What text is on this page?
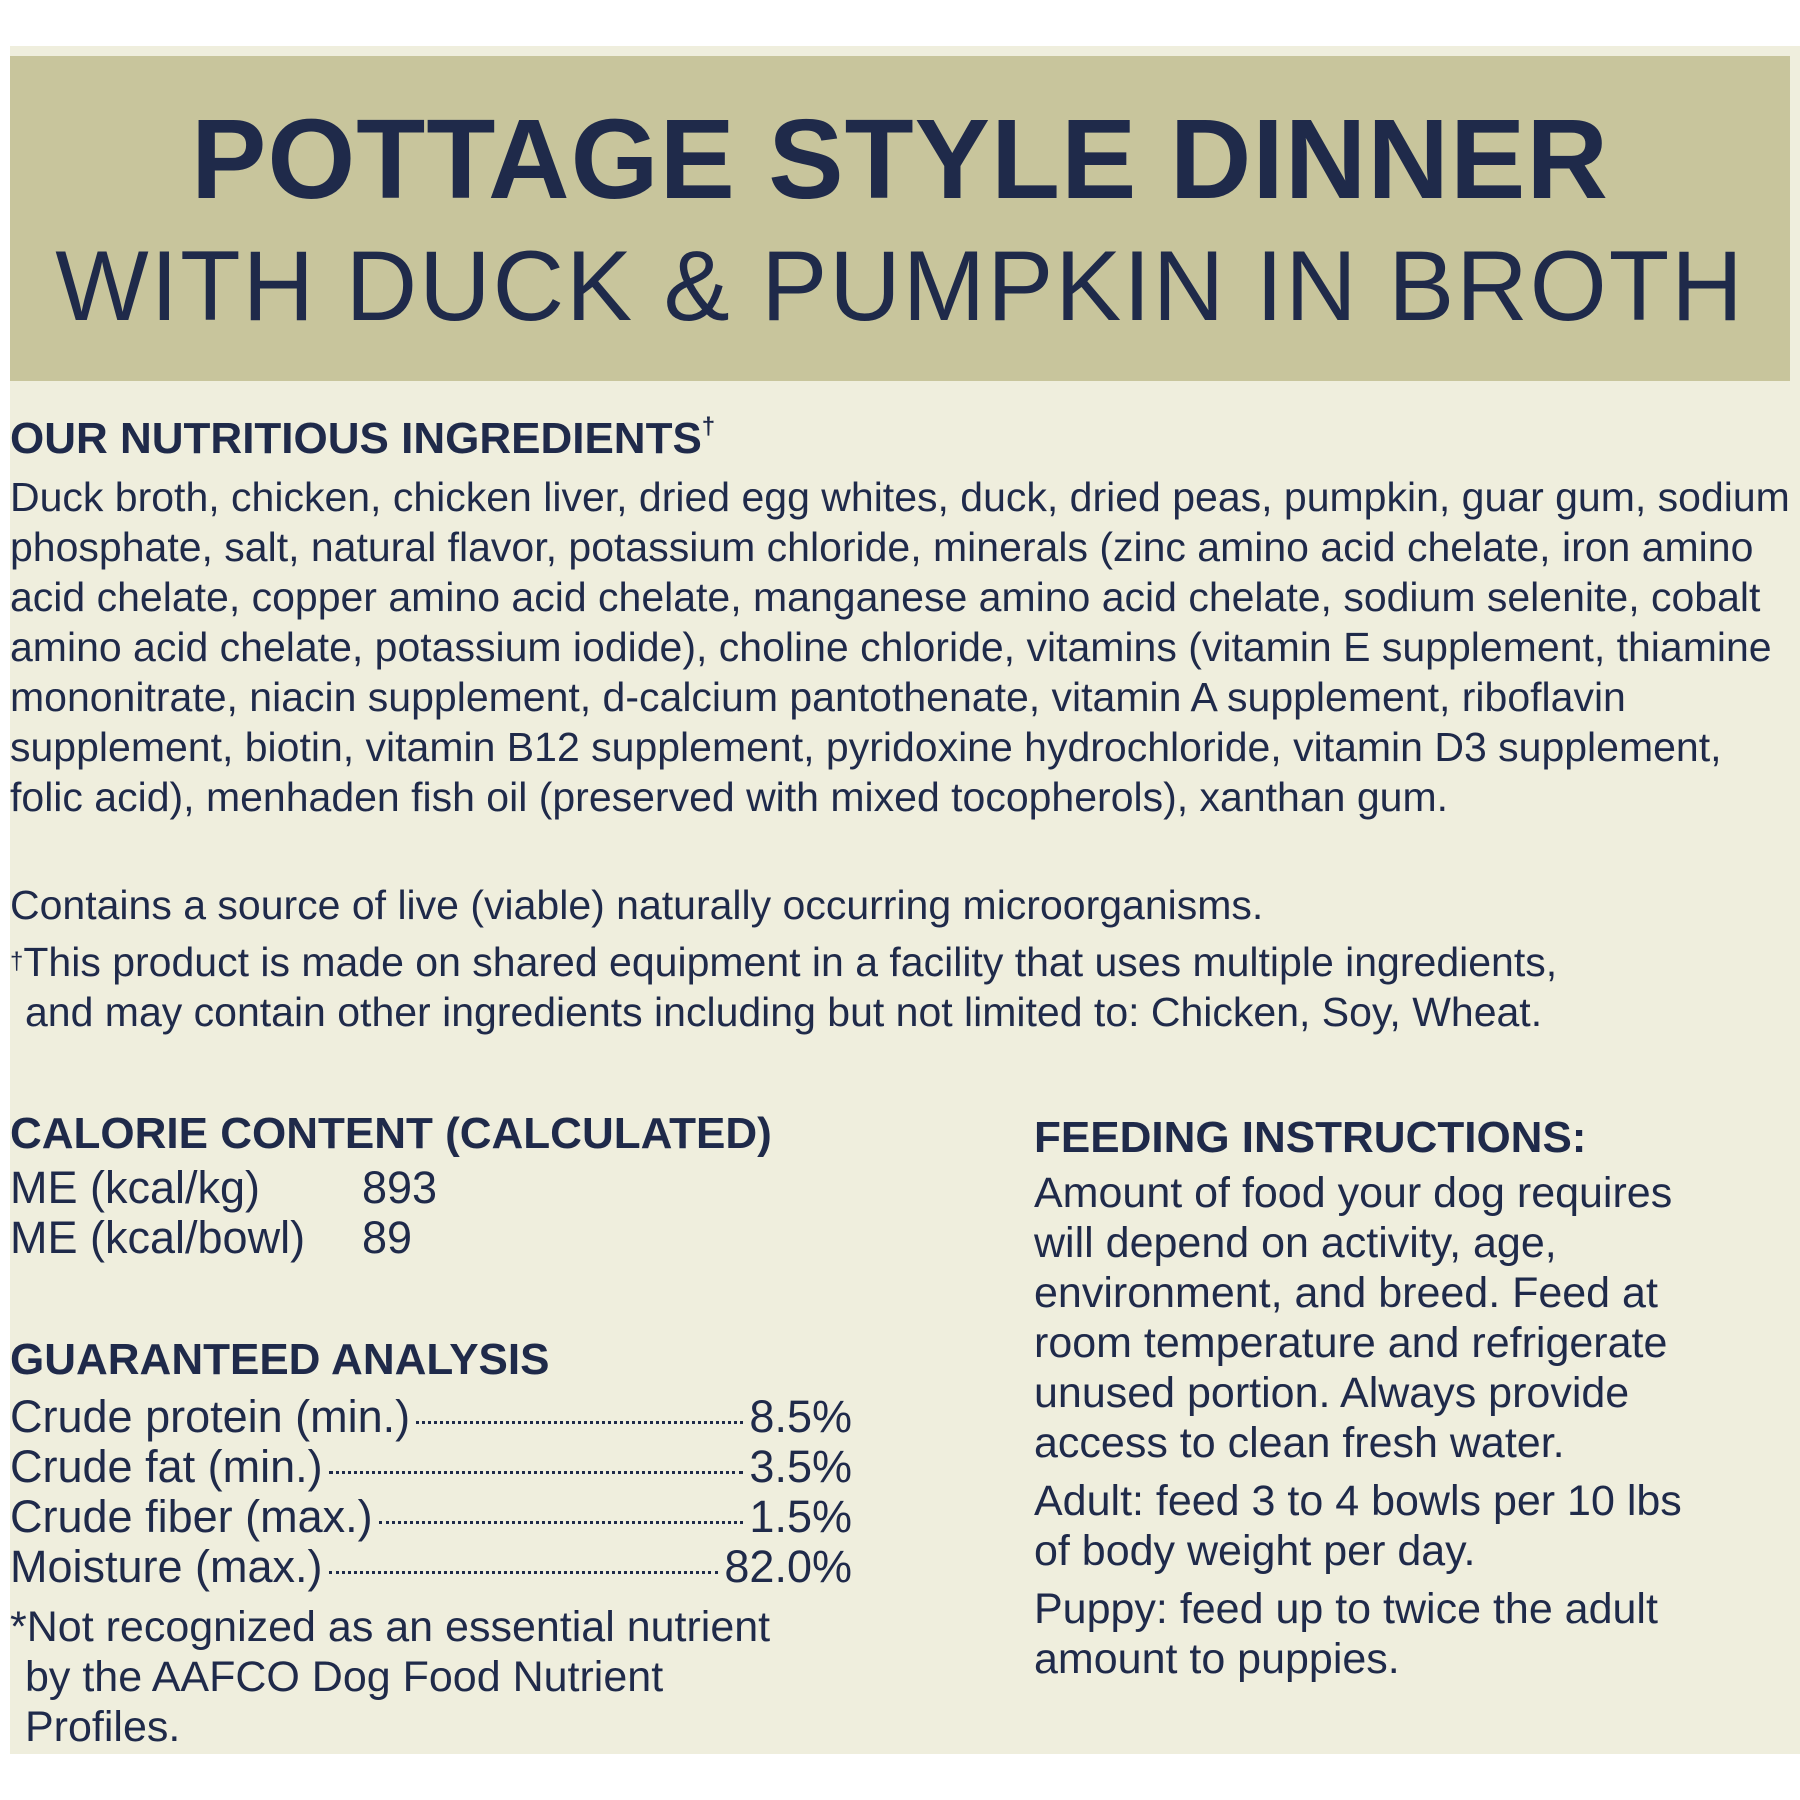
POTTAGE STYLE DINNER
WITH DUCK & PUMPKIN IN BROTH
OUR NUTRITIOUS INGREDIENTS†

Duck broth, chicken, chicken liver, dried egg whites, duck, dried peas, pumpkin, guar gum, sodium phosphate, salt, natural flavor, potassium chloride, minerals (zinc amino acid chelate, iron amino acid chelate, copper amino acid chelate, manganese amino acid chelate, sodium selenite, cobalt amino acid chelate, potassium iodide), choline chloride, vitamins (vitamin E supplement, thiamine mononitrate, niacin supplement, d-calcium pantothenate, vitamin A supplement, riboflavin supplement, biotin, vitamin B12 supplement, pyridoxine hydrochloride, vitamin D3 supplement, folic acid), menhaden fish oil (preserved with mixed tocopherols), xanthan gum.

Contains a source of live (viable) naturally occurring microorganisms.

†This product is made on shared equipment in a facility that uses multiple ingredients,
and may contain other ingredients including but not limited to: Chicken, Soy, Wheat.

CALORIE CONTENT (CALCULATED)
ME (kcal/kg)	893
ME (kcal/bowl)	89
GUARANTEED ANALYSIS
Crude protein (min.)	8.5%
Crude fat (min.)	3.5%
Crude fiber (max.)	1.5%
Moisture (max.)	82.0%
*Not recognized as an essential nutrient
by the AAFCO Dog Food Nutrient
Profiles.
FEEDING INSTRUCTIONS:

Amount of food your dog requires
will depend on activity, age,
environment, and breed. Feed at
room temperature and refrigerate
unused portion. Always provide
access to clean fresh water.

Adult: feed 3 to 4 bowls per 10 lbs
of body weight per day.

Puppy: feed up to twice the adult
amount to puppies.
